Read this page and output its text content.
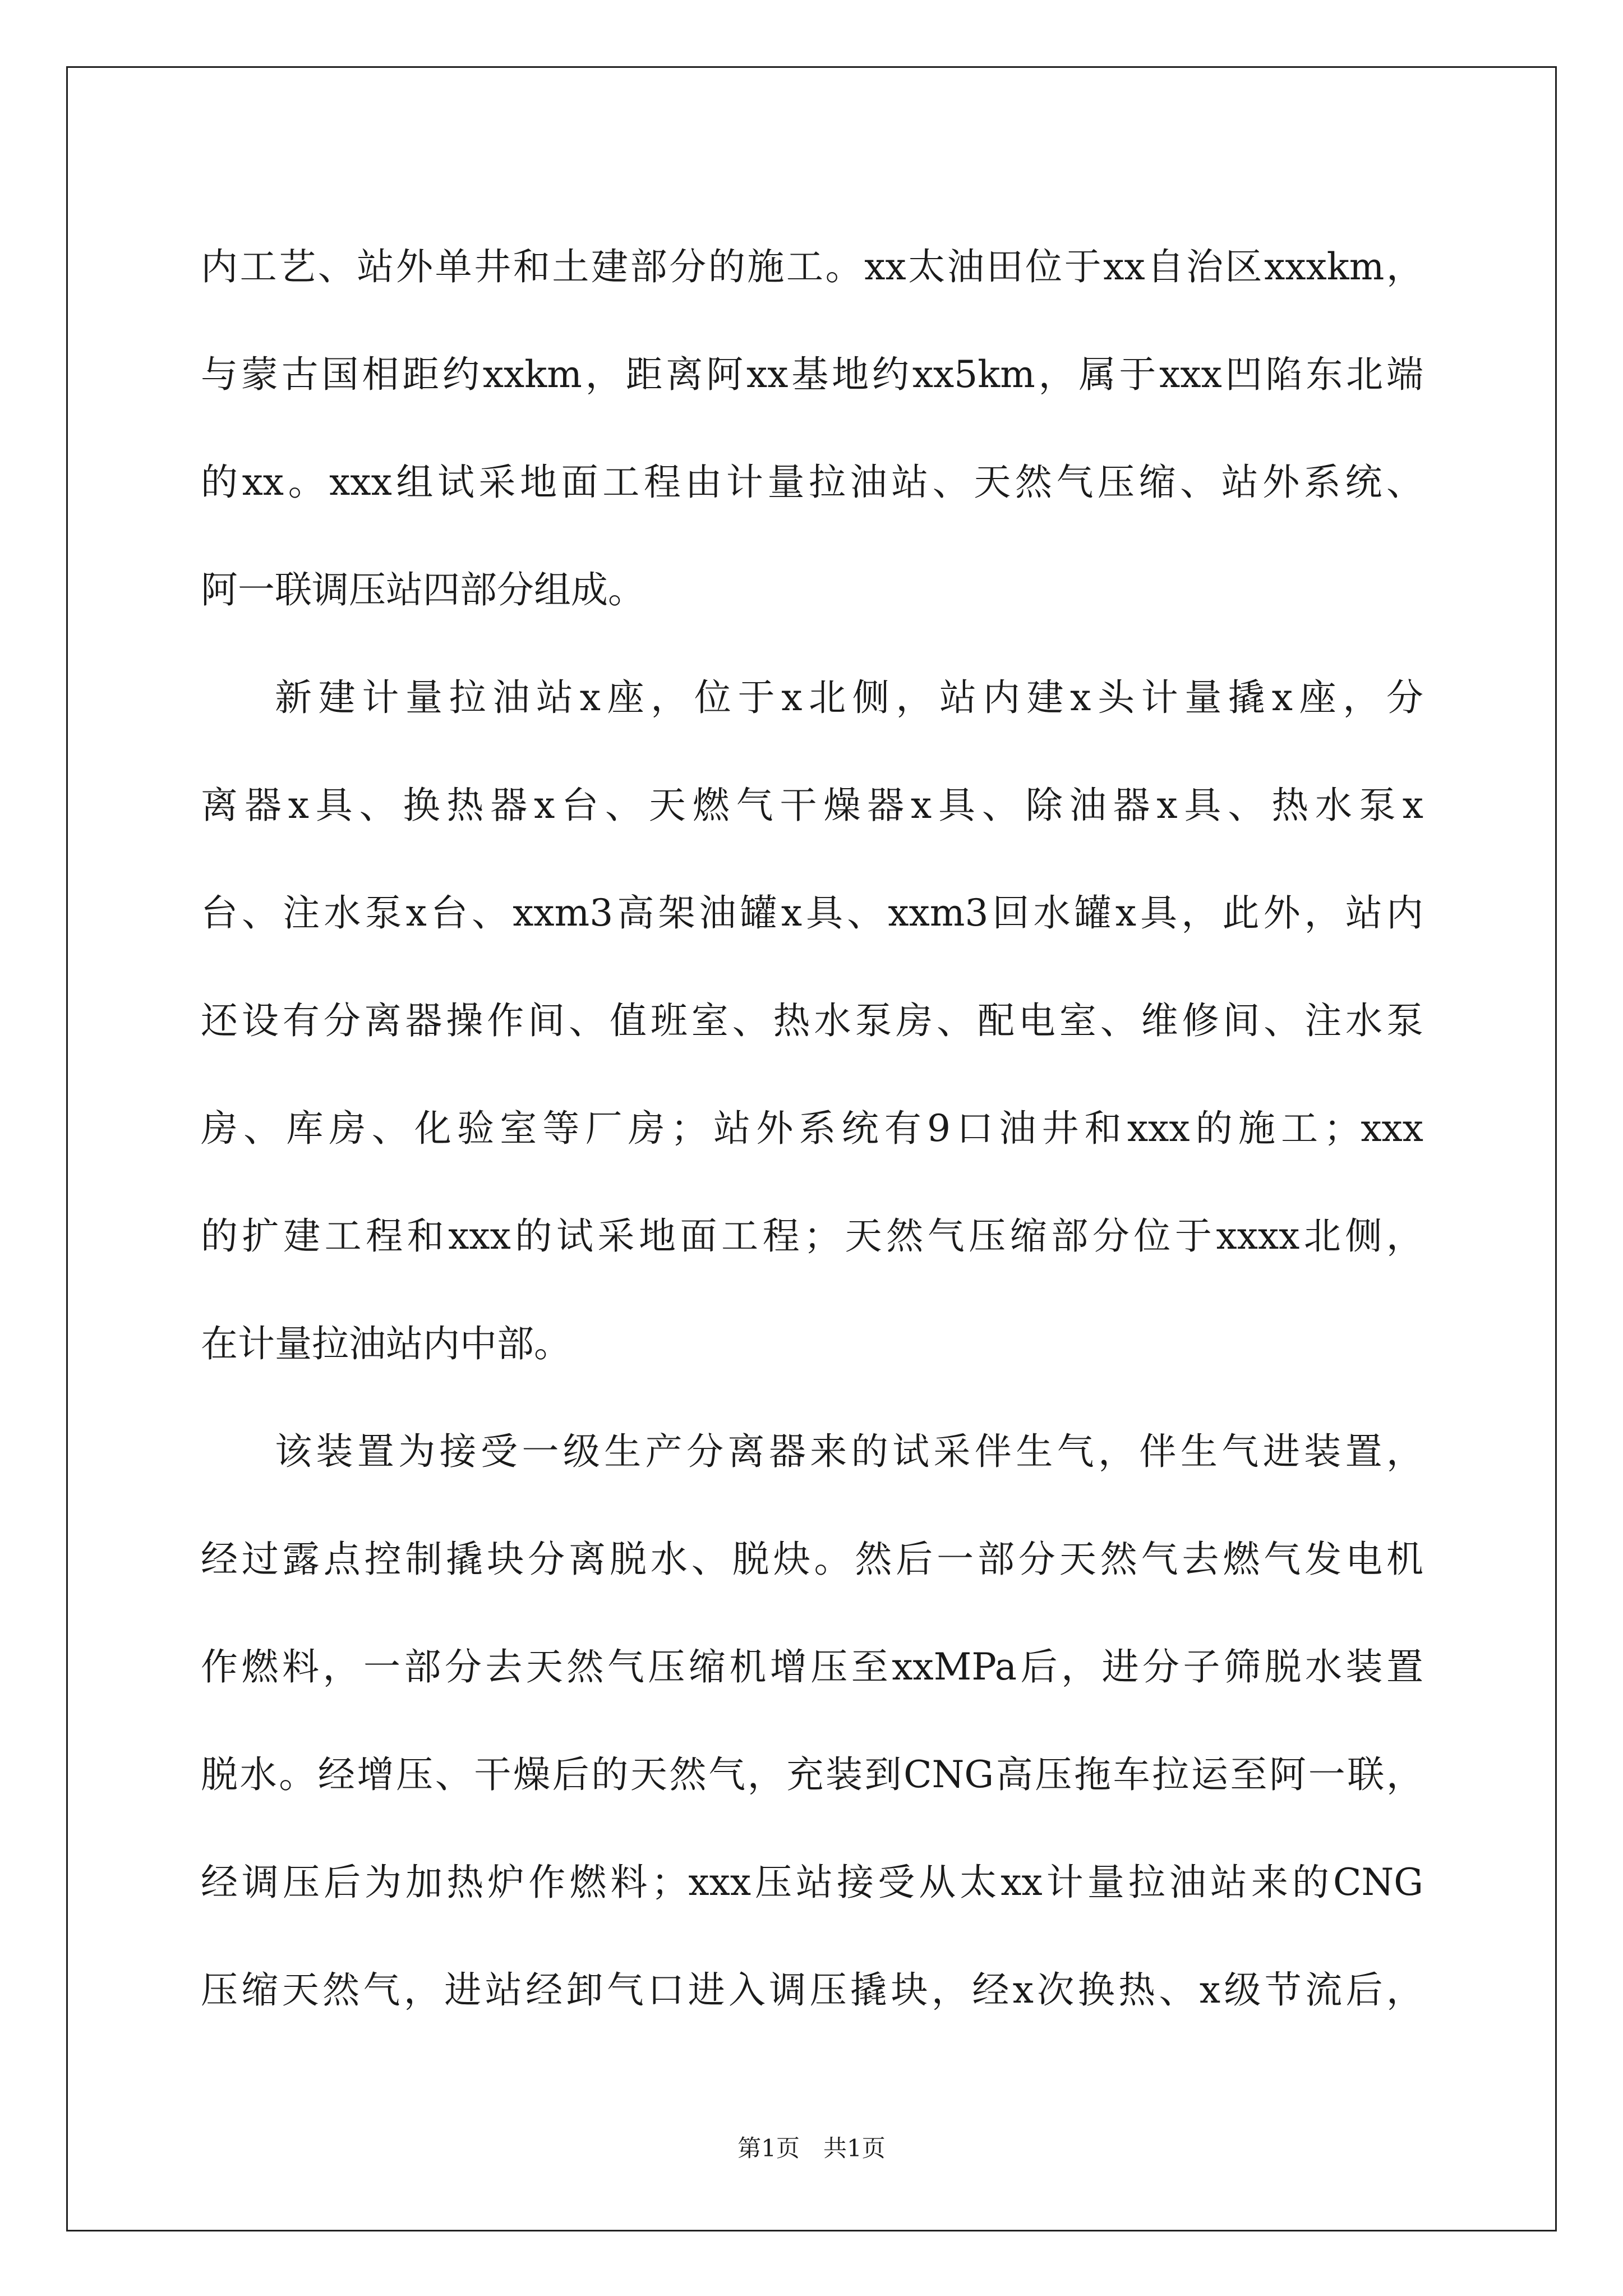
内工艺、站外单井和土建部分的施工。xx太油田位于xx自治区xxxkm，
与蒙古国相距约xxkm，距离阿xx基地约xx5km，属于xxx凹陷东北端
的xx。xxx组试采地面工程由计量拉油站、天然气压缩、站外系统、
阿一联调压站四部分组成。
新建计量拉油站x座，位于x北侧，站内建x头计量撬x座，分
离器x具、换热器x台、天燃气干燥器x具、除油器x具、热水泵x
台、注水泵x台、xxm3高架油罐x具、xxm3回水罐x具，此外，站内
还设有分离器操作间、值班室、热水泵房、配电室、维修间、注水泵
房、库房、化验室等厂房；站外系统有9口油井和xxx的施工；xxx
的扩建工程和xxx的试采地面工程；天然气压缩部分位于xxxx北侧，
在计量拉油站内中部。
该装置为接受一级生产分离器来的试采伴生气，伴生气进装置，
经过露点控制撬块分离脱水、脱炔。然后一部分天然气去燃气发电机
作燃料，一部分去天然气压缩机增压至xxMPa后，进分子筛脱水装置
脱水。经增压、干燥后的天然气，充装到CNG高压拖车拉运至阿一联，
经调压后为加热炉作燃料；xxx压站接受从太xx计量拉油站来的CNG
压缩天然气，进站经卸气口进入调压撬块，经x次换热、x级节流后，
第1页　共1页
